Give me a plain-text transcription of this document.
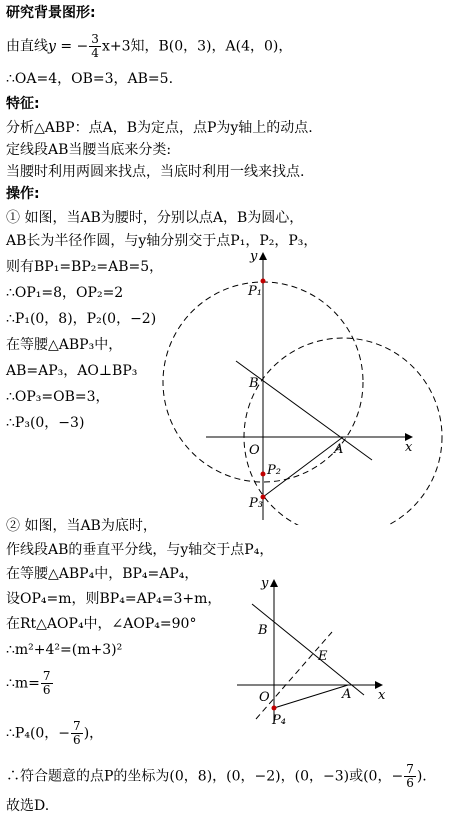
研究背景图形:
由直线y = − $\frac{3}{4} x+3$知，B(0，3)，A(4，0)，
∴OA=4，OB=3，AB=5.
特征:
分析△ABP：点A，B为定点，点P为y轴上的动点.
定线段AB当腰当底来分类:
当腰时利用两圆来找点，当底时利用一线来找点.
操作:
① 如图，当AB为腰时，分别以点A，B为圆心，
AB长为半径作圆，与y轴分别交于点P₁，P₂，P₃，
则有BP₁=BP₂=AB=5，
∴OP₁=8，OP₂=2
∴P₁(0，8)，P₂(0，−2)
在等腰△ABP₃中，
AB=AP₃，AO⊥BP₃
∴OP₃=OB=3，
∴P₃(0，−3)
y
x
O	A
B
P₁
P₂
P₃
② 如图，当AB为底时，
作线段AB的垂直平分线，与y轴交于点P₄，
在等腰△ABP₄中，BP₄=AP₄，
设OP₄=m，则BP₄=AP₄=3+m，
在Rt△AOP₄中，∠AOP₄=90°
∴m²+4²=(m+3)²
∴m= $\frac{7}{6}$
∴P₄(0，− $\frac{7}{6}$ )，
y
x
O	A
B
E
P₄
∴符合题意的点P的坐标为(0，8)，(0，−2)，(0，−3)或(0，− $\frac{7}{6}$ ).
故选D.
